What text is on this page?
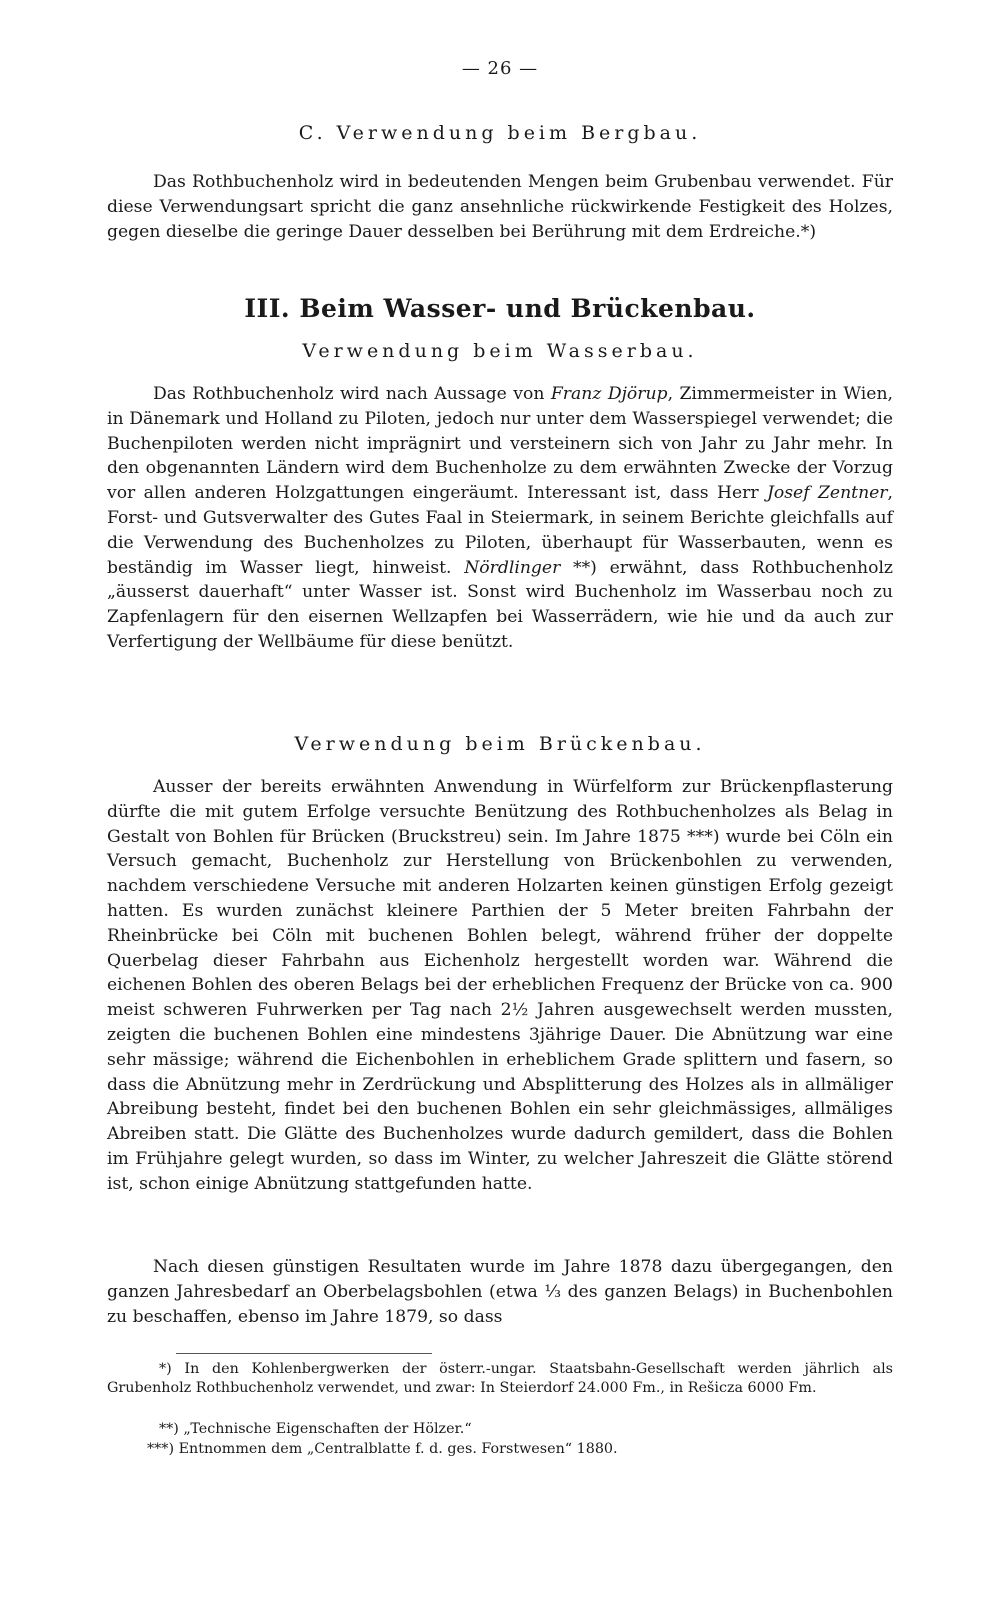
— 26 —
C. Verwendung beim Bergbau.

Das Rothbuchenholz wird in bedeutenden Mengen beim Grubenbau verwendet. Für diese Verwendungsart spricht die ganz ansehnliche rückwirkende Festigkeit des Holzes, gegen dieselbe die geringe Dauer desselben bei Berührung mit dem Erdreiche.*)

III. Beim Wasser- und Brückenbau.
Verwendung beim Wasserbau.

Das Rothbuchenholz wird nach Aussage von Franz Djörup, Zimmermeister in Wien, in Dänemark und Holland zu Piloten, jedoch nur unter dem Wasserspiegel verwendet; die Buchenpiloten werden nicht imprägnirt und versteinern sich von Jahr zu Jahr mehr. In den obgenannten Ländern wird dem Buchenholze zu dem erwähnten Zwecke der Vorzug vor allen anderen Holzgattungen eingeräumt. Interessant ist, dass Herr Josef Zentner, Forst- und Gutsverwalter des Gutes Faal in Steiermark, in seinem Berichte gleichfalls auf die Verwendung des Buchenholzes zu Piloten, überhaupt für Wasserbauten, wenn es beständig im Wasser liegt, hinweist. Nördlinger **) erwähnt, dass Rothbuchenholz „äusserst dauerhaft“ unter Wasser ist. Sonst wird Buchenholz im Wasserbau noch zu Zapfenlagern für den eisernen Wellzapfen bei Wasserrädern, wie hie und da auch zur Verfertigung der Wellbäume für diese benützt.

Verwendung beim Brückenbau.

Ausser der bereits erwähnten Anwendung in Würfelform zur Brückenpflasterung dürfte die mit gutem Erfolge versuchte Benützung des Rothbuchenholzes als Belag in Gestalt von Bohlen für Brücken (Bruckstreu) sein. Im Jahre 1875 ***) wurde bei Cöln ein Versuch gemacht, Buchenholz zur Herstellung von Brückenbohlen zu verwenden, nachdem verschiedene Versuche mit anderen Holzarten keinen günstigen Erfolg gezeigt hatten. Es wurden zunächst kleinere Parthien der 5 Meter breiten Fahrbahn der Rheinbrücke bei Cöln mit buchenen Bohlen belegt, während früher der doppelte Querbelag dieser Fahrbahn aus Eichenholz hergestellt worden war. Während die eichenen Bohlen des oberen Belags bei der erheblichen Frequenz der Brücke von ca. 900 meist schweren Fuhrwerken per Tag nach 2½ Jahren ausgewechselt werden mussten, zeigten die buchenen Bohlen eine mindestens 3jährige Dauer. Die Abnützung war eine sehr mässige; während die Eichenbohlen in erheblichem Grade splittern und fasern, so dass die Abnützung mehr in Zerdrückung und Absplitterung des Holzes als in allmäliger Abreibung besteht, findet bei den buchenen Bohlen ein sehr gleichmässiges, allmäliges Abreiben statt. Die Glätte des Buchenholzes wurde dadurch gemildert, dass die Bohlen im Frühjahre gelegt wurden, so dass im Winter, zu welcher Jahreszeit die Glätte störend ist, schon einige Abnützung stattgefunden hatte.

Nach diesen günstigen Resultaten wurde im Jahre 1878 dazu übergegangen, den ganzen Jahresbedarf an Oberbelagsbohlen (etwa ⅓ des ganzen Belags) in Buchenbohlen zu beschaffen, ebenso im Jahre 1879, so dass

*) In den Kohlenbergwerken der österr.-ungar. Staatsbahn-Gesellschaft werden jährlich als Grubenholz Rothbuchenholz verwendet, und zwar: In Steierdorf 24.000 Fm., in Rešicza 6000 Fm.

**) „Technische Eigenschaften der Hölzer.“

***) Entnommen dem „Centralblatte f. d. ges. Forstwesen“ 1880.
